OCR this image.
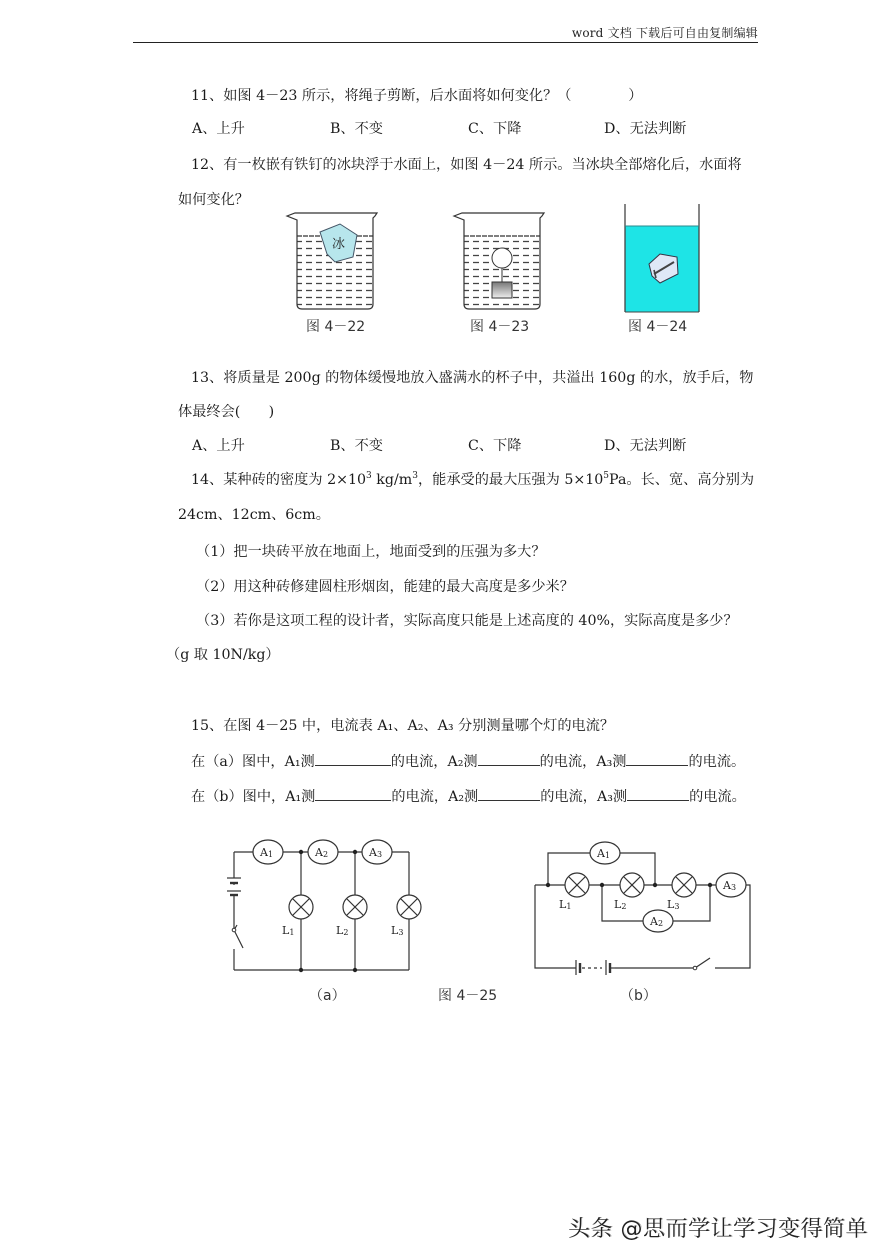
word 文档 下载后可自由复制编辑
11、如图 4－23 所示，将绳子剪断，后水面将如何变化？（　　　　）
A、上升	B、不变	C、下降	D、无法判断
12、有一枚嵌有铁钉的冰块浮于水面上，如图 4－24 所示。当冰块全部熔化后，水面将
如何变化？
冰
图 4－22	图 4－23	图 4－24
13、将质量是 200g 的物体缓慢地放入盛满水的杯子中，共溢出 160g 的水，放手后，物
体最终会(　　)
A、上升	B、不变	C、下降	D、无法判断
14、某种砖的密度为 $2\times 10^3$ $kg/m^3$，能承受的最大压强为 $5\times 10^5Pa$。长、宽、高分别为
24cm、12cm、6cm。
（1）把一块砖平放在地面上，地面受到的压强为多大？
（2）用这种砖修建圆柱形烟囱，能建的最大高度是多少米？
（3）若你是这项工程的设计者，实际高度只能是上述高度的 40%，实际高度是多少？
（g 取 10N/kg）
15、在图 4－25 中，电流表 A₁、A₂、A₃ 分别测量哪个灯的电流？
在（a）图中，A₁测	的电流，A₂测	的电流，A₃测	的电流。
在（b）图中，A₁测	的电流，A₂测	的电流，A₃测	的电流。
A1	A2	A3
L1	L2	L3
（a）	图 4－25
A1
A2
A3
L1	L2	L3
（b）
头条 @思而学让学习变得简单
